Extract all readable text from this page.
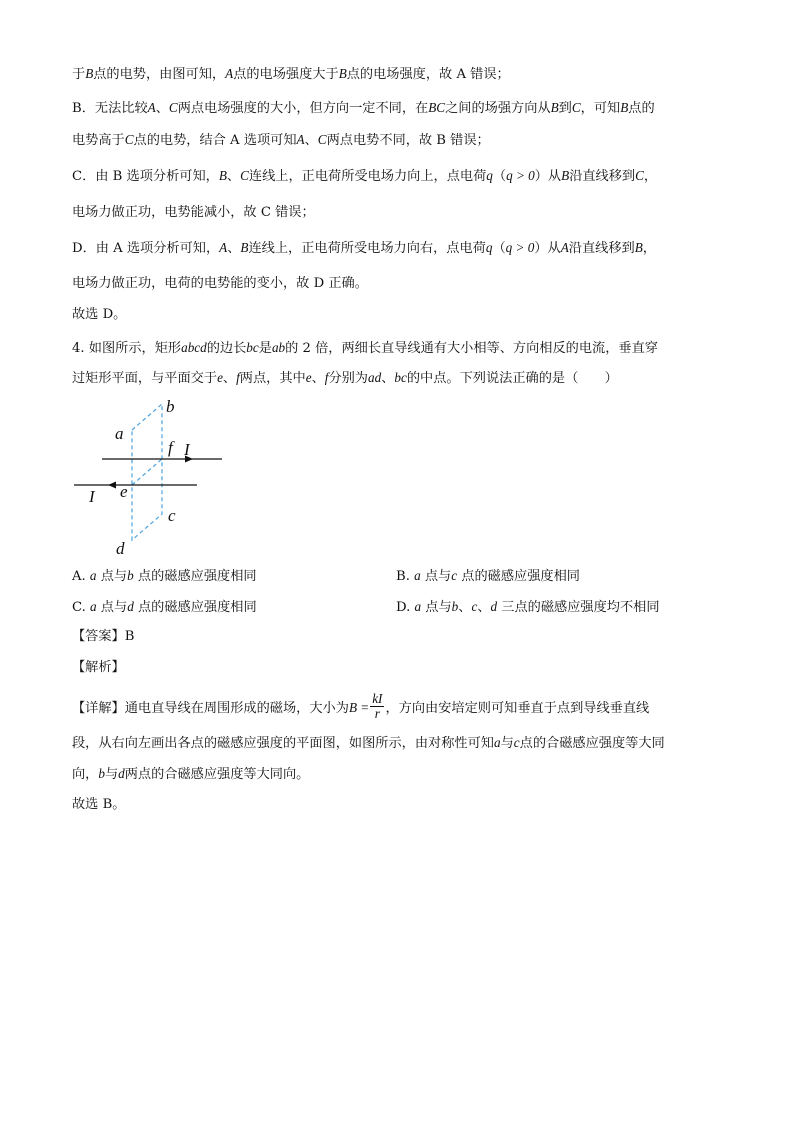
于B点的电势，由图可知，A点的电场强度大于B点的电场强度，故 A 错误；
B．无法比较A、C两点电场强度的大小，但方向一定不同，在BC之间的场强方向从B到C，可知B点的
电势高于C点的电势，结合 A 选项可知A、C两点电势不同，故 B 错误；
C．由 B 选项分析可知，B、C连线上，正电荷所受电场力向上，点电荷q（q > 0）从B沿直线移到C，
电场力做正功，电势能减小，故 C 错误；
D．由 A 选项分析可知，A、B连线上，正电荷所受电场力向右，点电荷q（q > 0）从A沿直线移到B，
电场力做正功，电荷的电势能的变小，故 D 正确。
故选 D。
4. 如图所示，矩形abcd的边长bc是ab的 2 倍，两细长直导线通有大小相等、方向相反的电流，垂直穿
过矩形平面，与平面交于e、f两点，其中e、f分别为ad、bc的中点。下列说法正确的是（　　）
b
a
f I
e
I
c
d
A. a 点与b 点的磁感应强度相同	B. a 点与c 点的磁感应强度相同
C. a 点与d 点的磁感应强度相同	D. a 点与b、c、d 三点的磁感应强度均不相同
【答案】B
【解析】
【详解】通电直导线在周围形成的磁场，大小为$B = \frac{kI}{r}$ ，方向由安培定则可知垂直于点到导线垂直线
段，从右向左画出各点的磁感应强度的平面图，如图所示，由对称性可知a与c点的合磁感应强度等大同
向，b与d两点的合磁感应强度等大同向。
故选 B。
